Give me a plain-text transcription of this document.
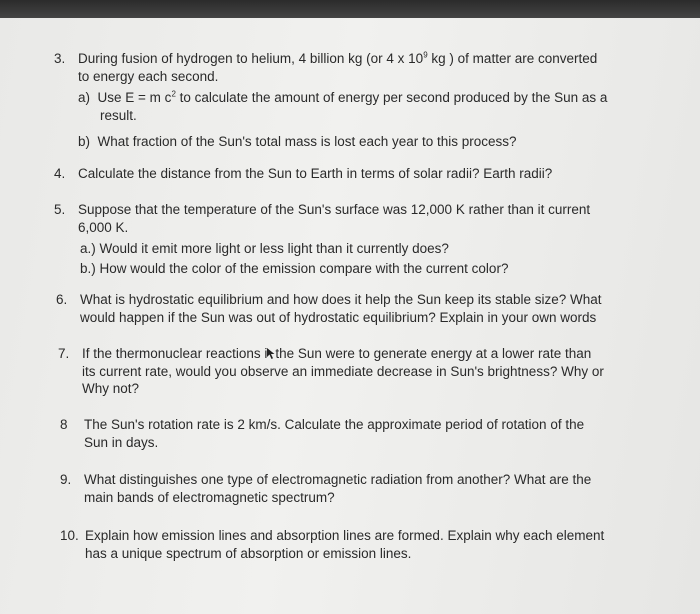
3. During fusion of hydrogen to helium, 4 billion kg (or 4 x $10^9$ kg ) of matter are converted
to energy each second.
a) Use E = m $c^2$ to calculate the amount of energy per second produced by the Sun as a
result.
b) What fraction of the Sun's total mass is lost each year to this process?
4. Calculate the distance from the Sun to Earth in terms of solar radii? Earth radii?
5. Suppose that the temperature of the Sun's surface was 12,000 K rather than it current
6,000 K.
a.) Would it emit more light or less light than it currently does?
b.) How would the color of the emission compare with the current color?
6. What is hydrostatic equilibrium and how does it help the Sun keep its stable size? What
would happen if the Sun was out of hydrostatic equilibrium? Explain in your own words
7. If the thermonuclear reactions i the Sun were to generate energy at a lower rate than
its current rate, would you observe an immediate decrease in Sun's brightness? Why or
Why not?
8 The Sun's rotation rate is 2 km/s. Calculate the approximate period of rotation of the
Sun in days.
9. What distinguishes one type of electromagnetic radiation from another? What are the
main bands of electromagnetic spectrum?
10. Explain how emission lines and absorption lines are formed. Explain why each element
has a unique spectrum of absorption or emission lines.
